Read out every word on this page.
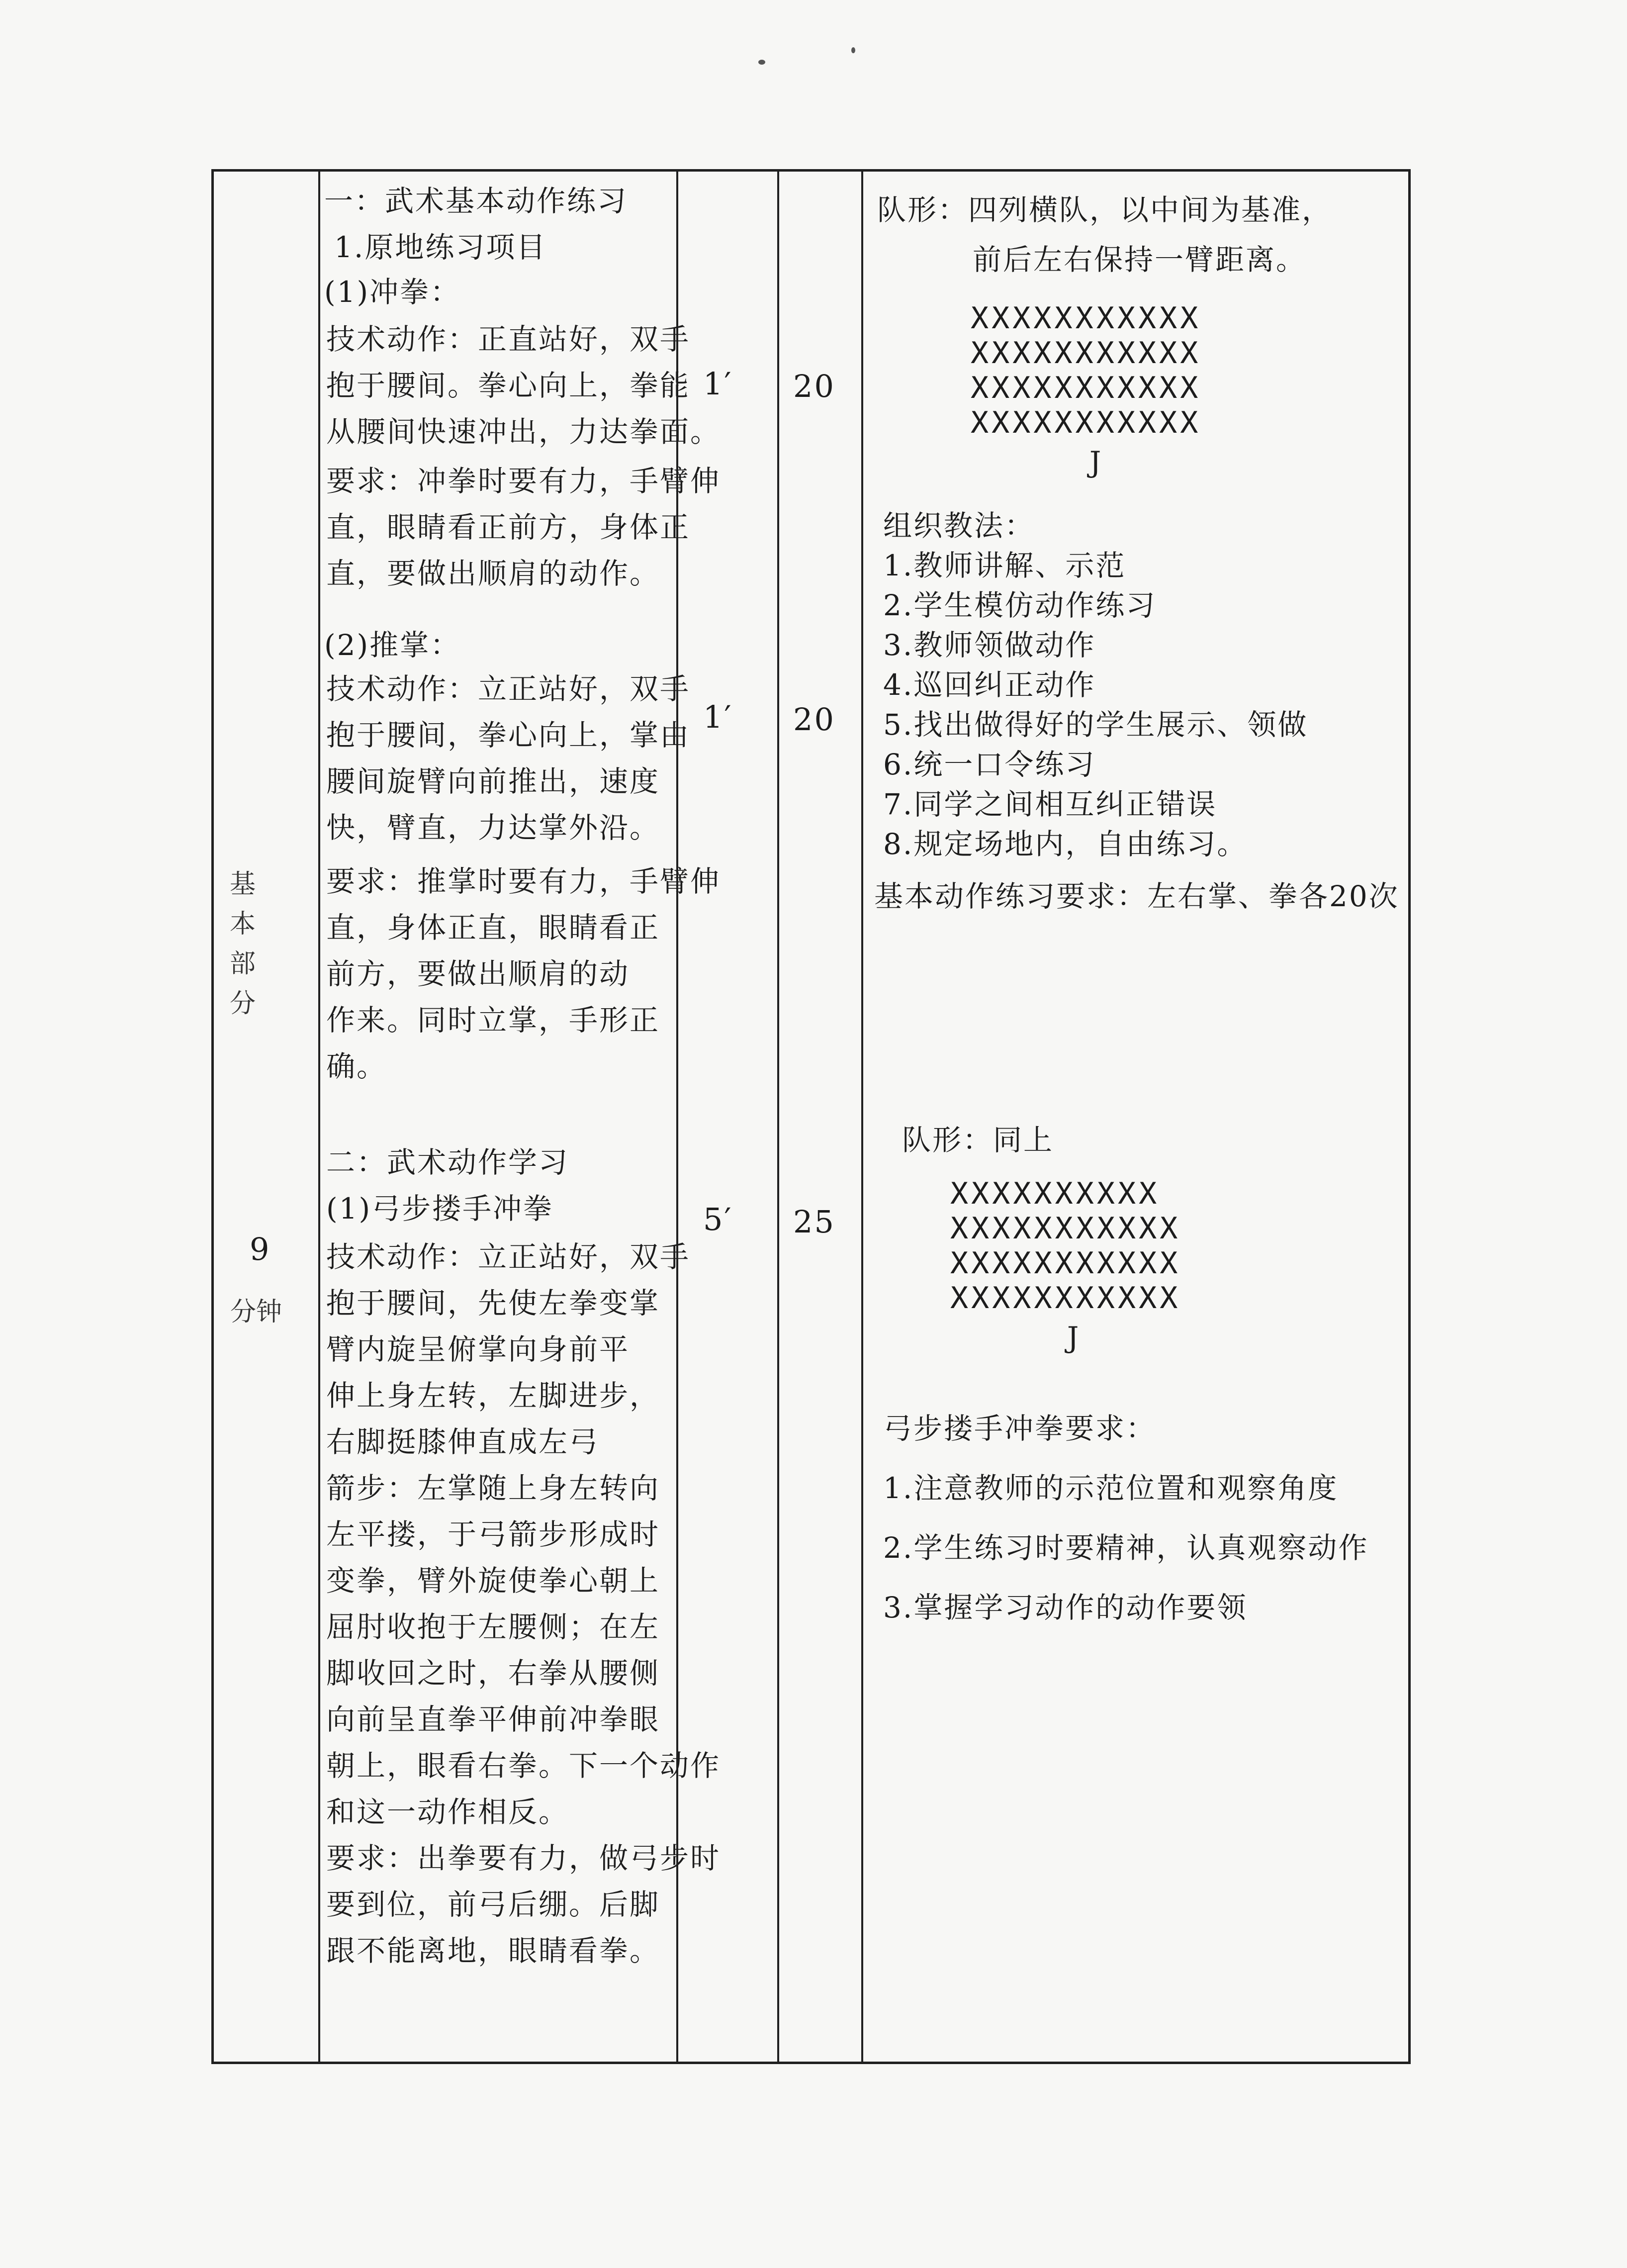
基
本
部
分
9
分钟
一：武术基本动作练习
1.原地练习项目
(1)冲拳：
技术动作：正直站好，双手
抱于腰间。拳心向上，拳能
从腰间快速冲出，力达拳面。
要求：冲拳时要有力，手臂伸
直，眼睛看正前方，身体正
直，要做出顺肩的动作。
(2)推掌：
技术动作：立正站好，双手
抱于腰间，拳心向上，掌由
腰间旋臂向前推出，速度
快，臂直，力达掌外沿。
要求：推掌时要有力，手臂伸
直，身体正直，眼睛看正
前方，要做出顺肩的动
作来。同时立掌，手形正
确。
二：武术动作学习
(1)弓步搂手冲拳
技术动作：立正站好，双手
抱于腰间，先使左拳变掌
臂内旋呈俯掌向身前平
伸上身左转，左脚进步，
右脚挺膝伸直成左弓
箭步：左掌随上身左转向
左平搂，于弓箭步形成时
变拳，臂外旋使拳心朝上
屈肘收抱于左腰侧；在左
脚收回之时，右拳从腰侧
向前呈直拳平伸前冲拳眼
朝上，眼看右拳。下一个动作
和这一动作相反。
要求：出拳要有力，做弓步时
要到位，前弓后绷。后脚
跟不能离地，眼睛看拳。
1′
1′
5′
20
20
25
队形：四列横队，以中间为基准，
前后左右保持一臂距离。
XXXXXXXXXXX
XXXXXXXXXXX
XXXXXXXXXXX
XXXXXXXXXXX
J
组织教法：
1.教师讲解、示范
2.学生模仿动作练习
3.教师领做动作
4.巡回纠正动作
5.找出做得好的学生展示、领做
6.统一口令练习
7.同学之间相互纠正错误
8.规定场地内，自由练习。
基本动作练习要求：左右掌、拳各20次
队形：同上
XXXXXXXXXX
XXXXXXXXXXX
XXXXXXXXXXX
XXXXXXXXXXX
J
弓步搂手冲拳要求：
1.注意教师的示范位置和观察角度
2.学生练习时要精神，认真观察动作
3.掌握学习动作的动作要领
